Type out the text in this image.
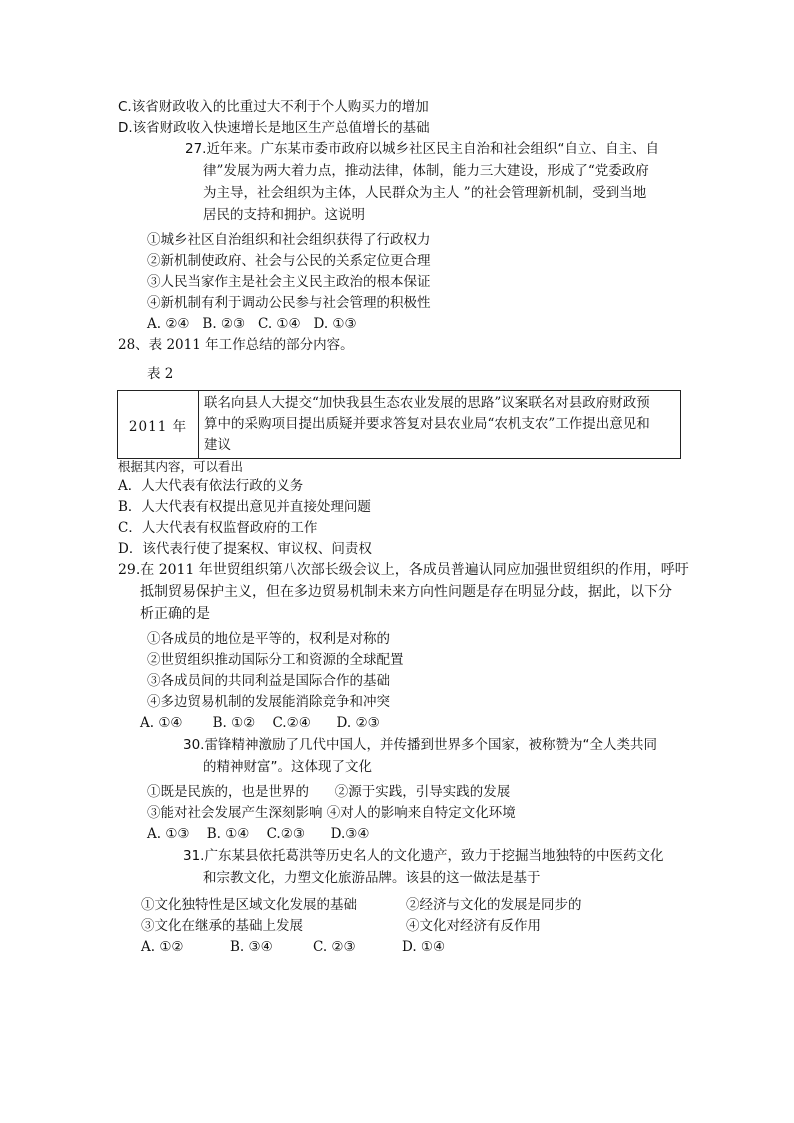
C.该省财政收入的比重过大不利于个人购买力的增加
D.该省财政收入快速增长是地区生产总值增长的基础
27.近年来。广东某市委市政府以城乡社区民主自治和社会组织“自立、自主、自
律”发展为两大着力点，推动法律，体制，能力三大建设，形成了“党委政府
为主导，社会组织为主体，人民群众为主人 ”的社会管理新机制，受到当地
居民的支持和拥护。这说明
①城乡社区自治组织和社会组织获得了行政权力
②新机制使政府、社会与公民的关系定位更合理
③人民当家作主是社会主义民主政治的根本保证
④新机制有利于调动公民参与社会管理的积极性
A. ②④   B. ②③   C. ①④   D. ①③
28、表 2011 年工作总结的部分内容。
表 2
2011 年	
联名向县人大提交“加快我县生态农业发展的思路”议案联名对县政府财政预
算中的采购项目提出质疑并要求答复对县农业局“农机支农”工作提出意见和
建议
根据其内容，可以看出
A．人大代表有依法行政的义务
B．人大代表有权提出意见并直接处理问题
C．人大代表有权监督政府的工作
D．该代表行使了提案权、审议权、问责权
29.在 2011 年世贸组织第八次部长级会议上，各成员普遍认同应加强世贸组织的作用，呼吁
抵制贸易保护主义，但在多边贸易机制未来方向性问题是存在明显分歧，据此，以下分
析正确的是
①各成员的地位是平等的，权利是对称的
②世贸组织推动国际分工和资源的全球配置
③各成员间的共同利益是国际合作的基础
④多边贸易机制的发展能消除竞争和冲突
A. ①④       B. ①②    C.②④      D. ②③
30.雷锋精神激励了几代中国人，并传播到世界多个国家，被称赞为“全人类共同
的精神财富”。这体现了文化
①既是民族的，也是世界的      ②源于实践，引导实践的发展
③能对社会发展产生深刻影响 ④对人的影响来自特定文化环境
A. ①③    B. ①④    C.②③      D.③④
31.广东某县依托葛洪等历史名人的文化遗产，致力于挖掘当地独特的中医药文化
和宗教文化，力塑文化旅游品牌。该县的这一做法是基于
①文化独特性是区域文化发展的基础	②经济与文化的发展是同步的
③文化在继承的基础上发展	④文化对经济有反作用
A. ①②	B. ③④	C. ②③	D. ①④
